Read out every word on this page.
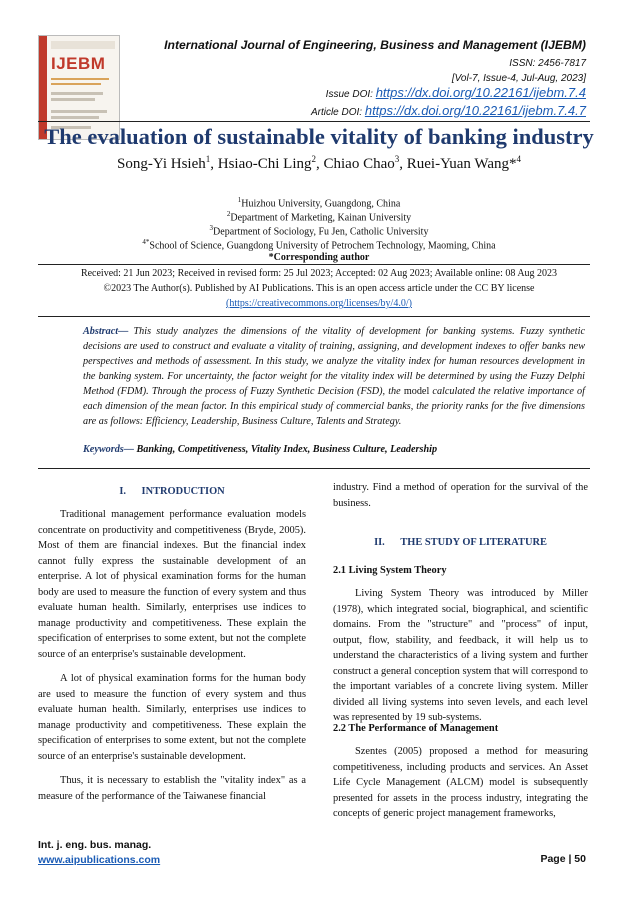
IJEBM
International Journal of Engineering, Business and Management (IJEBM)
ISSN: 2456-7817
[Vol-7, Issue-4, Jul-Aug, 2023]
Issue DOI: https://dx.doi.org/10.22161/ijebm.7.4
Article DOI: https://dx.doi.org/10.22161/ijebm.7.4.7
The evaluation of sustainable vitality of banking industry
Song-Yi Hsieh$^1$, Hsiao-Chi Ling$^2$, Chiao Chao$^3$, Ruei-Yuan Wang*$^4$
$^1$Huizhou University, Guangdong, China
$^2$Department of Marketing, Kainan University
$^3$Department of Sociology, Fu Jen, Catholic University
$^{4*}$School of Science, Guangdong University of Petrochem Technology, Maoming, China
*Corresponding author
Received: 21 Jun 2023; Received in revised form: 25 Jul 2023; Accepted: 02 Aug 2023; Available online: 08 Aug 2023
©2023 The Author(s). Published by AI Publications. This is an open access article under the CC BY license
(https://creativecommons.org/licenses/by/4.0/)
Abstract— This study analyzes the dimensions of the vitality of development for banking systems. Fuzzy synthetic decisions are used to construct and evaluate a vitality of training, assigning, and development indexes to offer banks new perspectives and methods of assessment. In this study, we analyze the vitality index for human resources development in the banking system. For uncertainty, the factor weight for the vitality index will be determined by using the Fuzzy Delphi Method (FDM). Through the process of Fuzzy Synthetic Decision (FSD), the model calculated the relative importance of each dimension of the mean factor. In this empirical study of commercial banks, the priority ranks for the five dimensions are as follows: Efficiency, Leadership, Business Culture, Talents and Strategy.
Keywords— Banking, Competitiveness, Vitality Index, Business Culture, Leadership
I.      INTRODUCTION

Traditional management performance evaluation models concentrate on productivity and competitiveness (Bryde, 2005). Most of them are financial indexes. But the financial index cannot fully express the sustainable development of an enterprise. A lot of physical examination forms for the human body are used to measure the function of every system and thus evaluate human health. Similarly, enterprises use indices to manage productivity and competitiveness. These explain the specification of enterprises to some extent, but not the complete source of an enterprise's sustainable development.

A lot of physical examination forms for the human body are used to measure the function of every system and thus evaluate human health. Similarly, enterprises use indices to manage productivity and competitiveness. These explain the specification of enterprises to some extent, but not the complete source of an enterprise's sustainable development.

Thus, it is necessary to establish the "vitality index" as a measure of the performance of the Taiwanese financial

industry. Find a method of operation for the survival of the business.

II.      THE STUDY OF LITERATURE
2.1 Living System Theory

Living System Theory was introduced by Miller (1978), which integrated social, biographical, and scientific domains. From the "structure" and "process" of input, output, flow, stability, and feedback, it will help us to understand the characteristics of a living system and further construct a general conception system that will correspond to the important variables of a concrete living system. Miller divided all living systems into seven levels, and each level was represented by 19 sub-systems.

2.2 The Performance of Management

Szentes (2005) proposed a method for measuring competitiveness, including products and services. An Asset Life Cycle Management (ALCM) model is subsequently presented for assets in the process industry, integrating the concepts of generic project management frameworks,

Int. j. eng. bus. manag.
www.aipublications.com	Page | 50
